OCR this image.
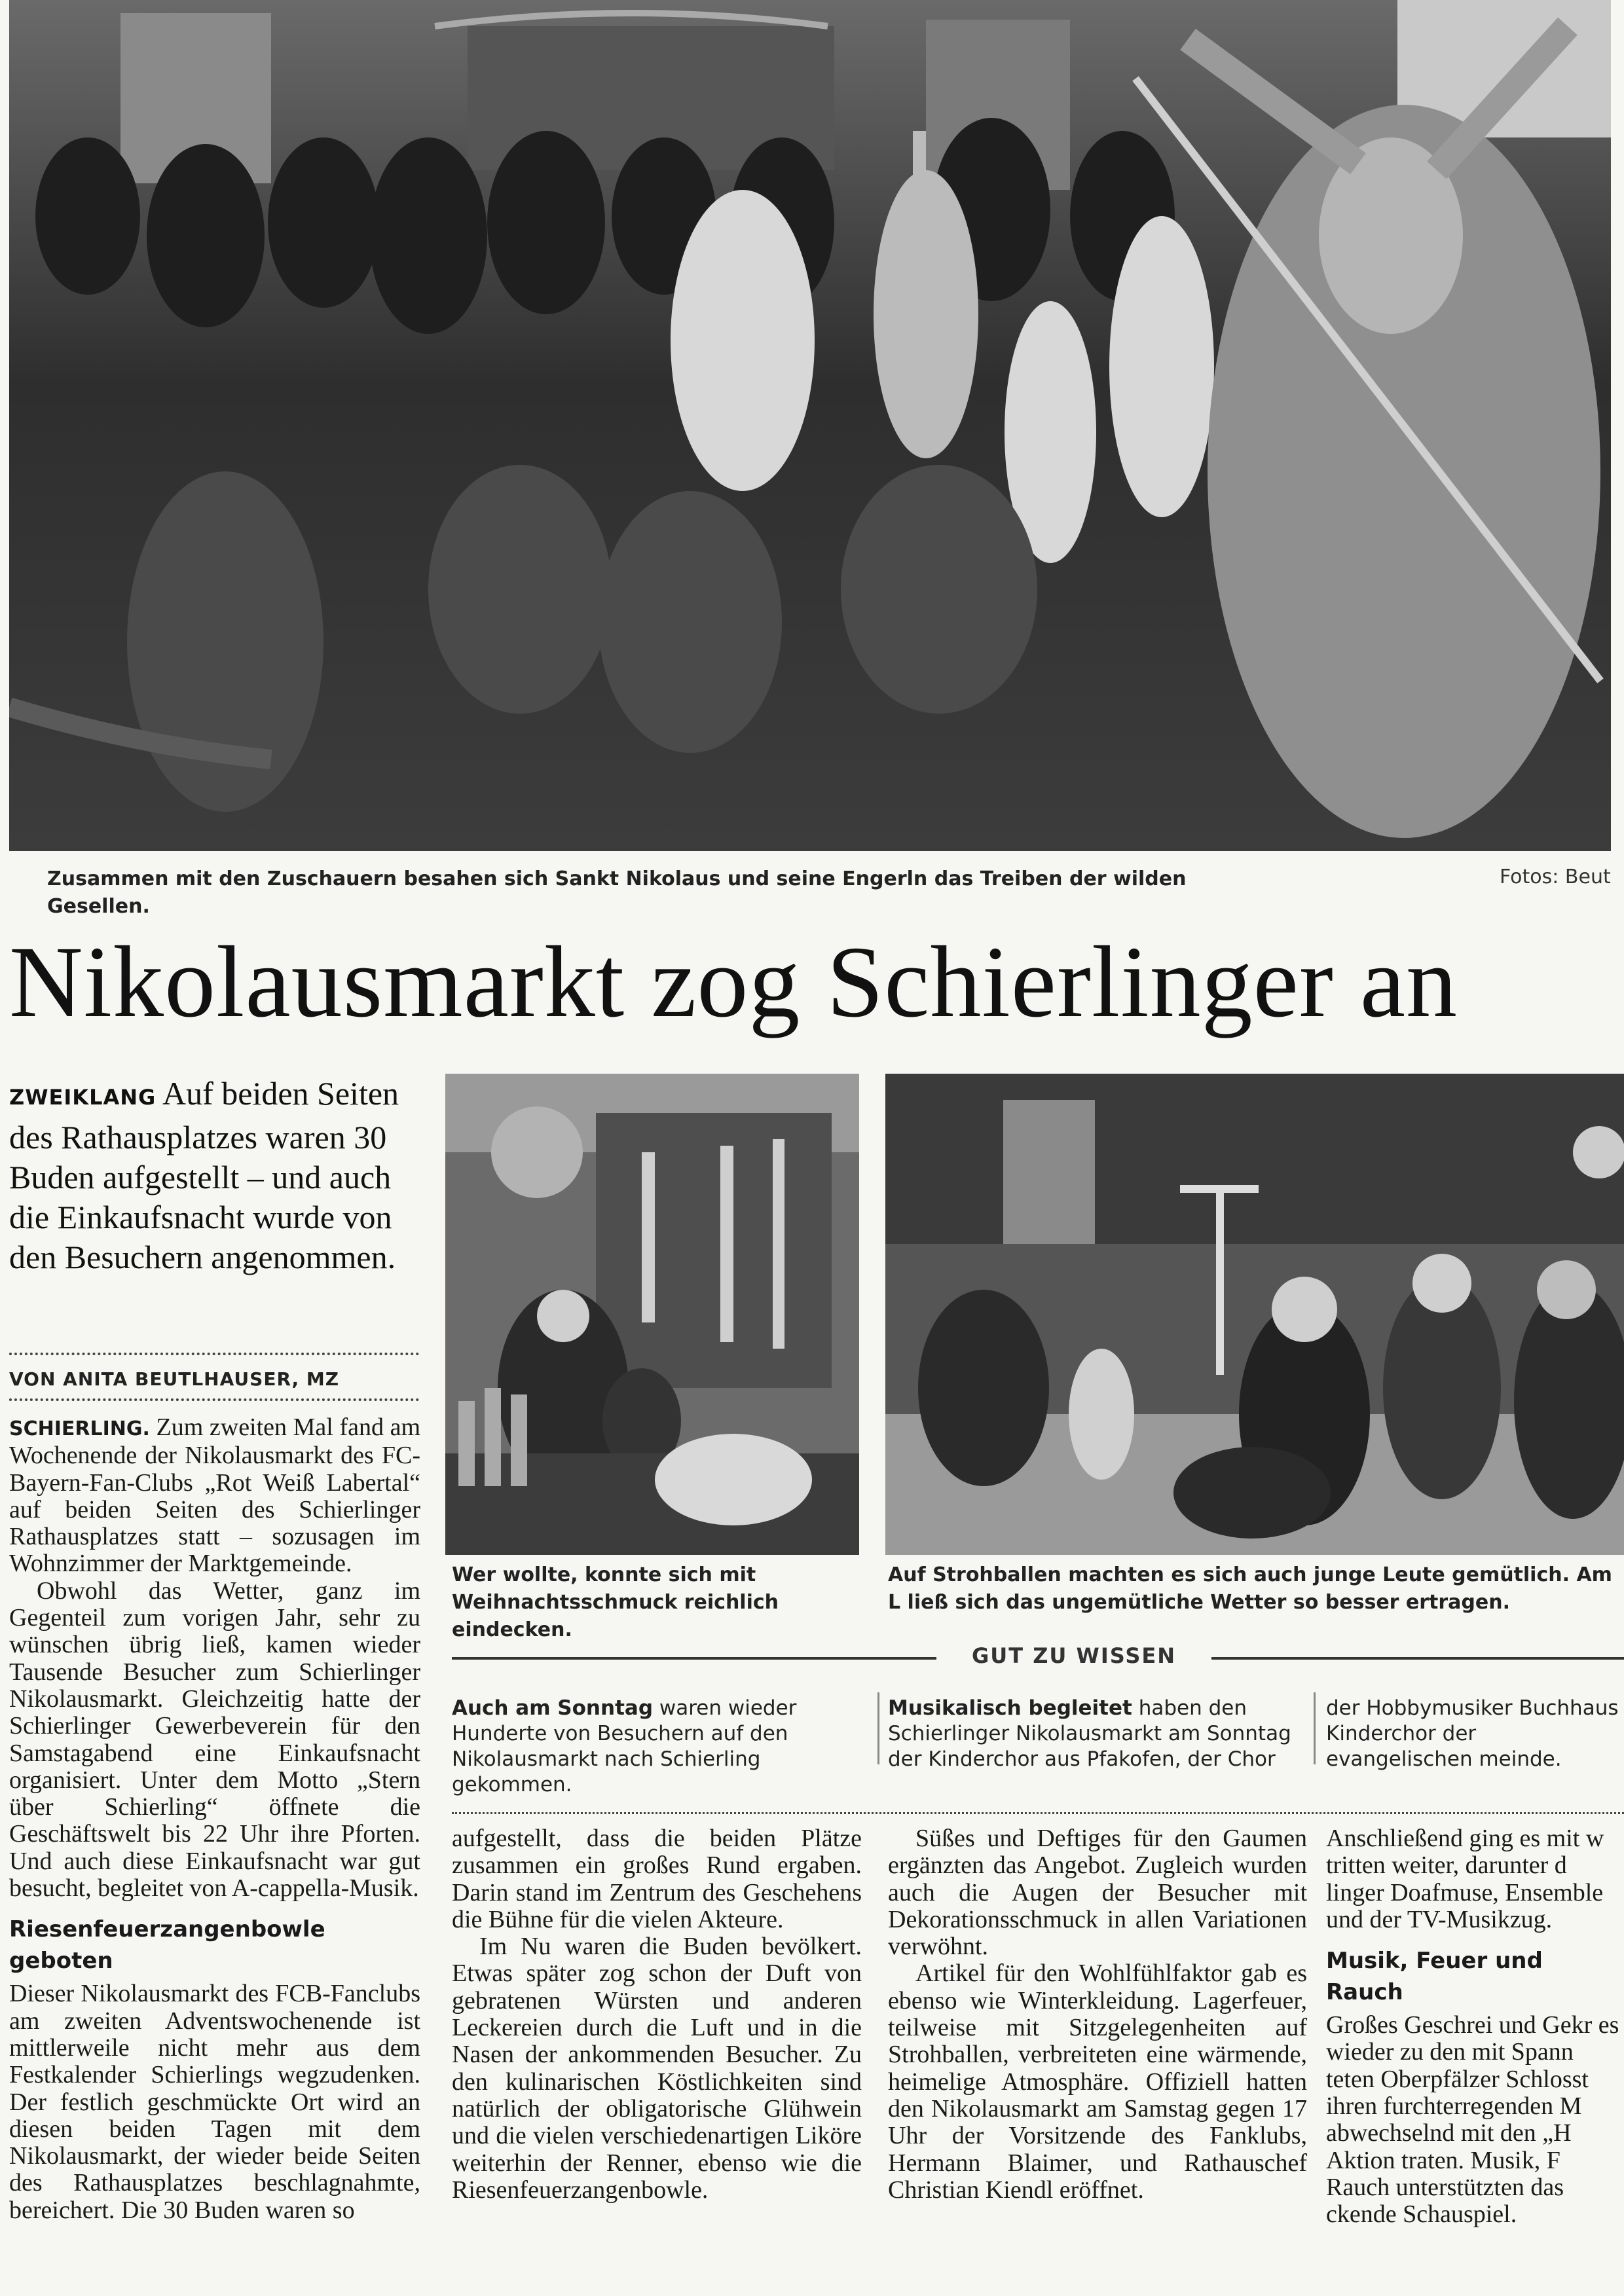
Zusammen mit den Zuschauern besahen sich Sankt Nikolaus und seine Engerln das Treiben der wilden Gesellen.
Fotos: Beut
Nikolausmarkt zog Schierlinger an
ZWEIKLANG Auf beiden Seiten des Rathausplatzes waren 30 Buden aufgestellt – und auch die Einkaufsnacht wurde von den Besuchern angenommen.
VON ANITA BEUTLHAUSER, MZ
Wer wollte, konnte sich mit Weihnachtsschmuck reichlich eindecken.
Auf Strohballen machten es sich auch junge Leute gemütlich. Am L ließ sich das ungemütliche Wetter so besser ertragen.
GUT ZU WISSEN
Auch am Sonntag waren wieder Hunderte von Besuchern auf den Nikolausmarkt nach Schierling gekommen.
Musikalisch begleitet haben den Schierlinger Nikolausmarkt am Sonntag der Kinderchor aus Pfakofen, der Chor
der Hobbymusiker Buchhaus Kinderchor der evangelischen meinde.

SCHIERLING. Zum zweiten Mal fand am Wochenende der Nikolausmarkt des FC-Bayern-Fan-Clubs „Rot Weiß Labertal“ auf beiden Seiten des Schierlinger Rathausplatzes statt – sozusagen im Wohnzimmer der Marktgemeinde.

Obwohl das Wetter, ganz im Gegenteil zum vorigen Jahr, sehr zu wünschen übrig ließ, kamen wieder Tausende Besucher zum Schierlinger Nikolausmarkt. Gleichzeitig hatte der Schierlinger Gewerbeverein für den Samstagabend eine Einkaufsnacht organisiert. Unter dem Motto „Stern über Schierling“ öffnete die Geschäftswelt bis 22 Uhr ihre Pforten. Und auch diese Einkaufsnacht war gut besucht, begleitet von A-cappella-Musik.

Riesenfeuerzangenbowle geboten

Dieser Nikolausmarkt des FCB-Fanclubs am zweiten Adventswochenende ist mittlerweile nicht mehr aus dem Festkalender Schierlings wegzudenken. Der festlich geschmückte Ort wird an diesen beiden Tagen mit dem Nikolausmarkt, der wieder beide Seiten des Rathausplatzes beschlagnahmte, bereichert. Die 30 Buden waren so

aufgestellt, dass die beiden Plätze zusammen ein großes Rund ergaben. Darin stand im Zentrum des Geschehens die Bühne für die vielen Akteure.

Im Nu waren die Buden bevölkert. Etwas später zog schon der Duft von gebratenen Würsten und anderen Leckereien durch die Luft und in die Nasen der ankommenden Besucher. Zu den kulinarischen Köstlichkeiten sind natürlich der obligatorische Glühwein und die vielen verschiedenartigen Liköre weiterhin der Renner, ebenso wie die Riesenfeuerzangenbowle.

Süßes und Deftiges für den Gaumen ergänzten das Angebot. Zugleich wurden auch die Augen der Besucher mit Dekorationsschmuck in allen Variationen verwöhnt.

Artikel für den Wohlfühlfaktor gab es ebenso wie Winterkleidung. Lagerfeuer, teilweise mit Sitzgelegenheiten auf Strohballen, verbreiteten eine wärmende, heimelige Atmosphäre. Offiziell hatten den Nikolausmarkt am Samstag gegen 17 Uhr der Vorsitzende des Fanklubs, Hermann Blaimer, und Rathauschef Christian Kiendl eröffnet.

Anschließend ging es mit w tritten weiter, darunter d linger Doafmuse, Ensemble und der TV-Musikzug.

Musik, Feuer und Rauch

Großes Geschrei und Gekr es wieder zu den mit Spann teten Oberpfälzer Schlosst ihren furchterregenden M abwechselnd mit den „H Aktion traten. Musik, F Rauch unterstützten das ckende Schauspiel.
